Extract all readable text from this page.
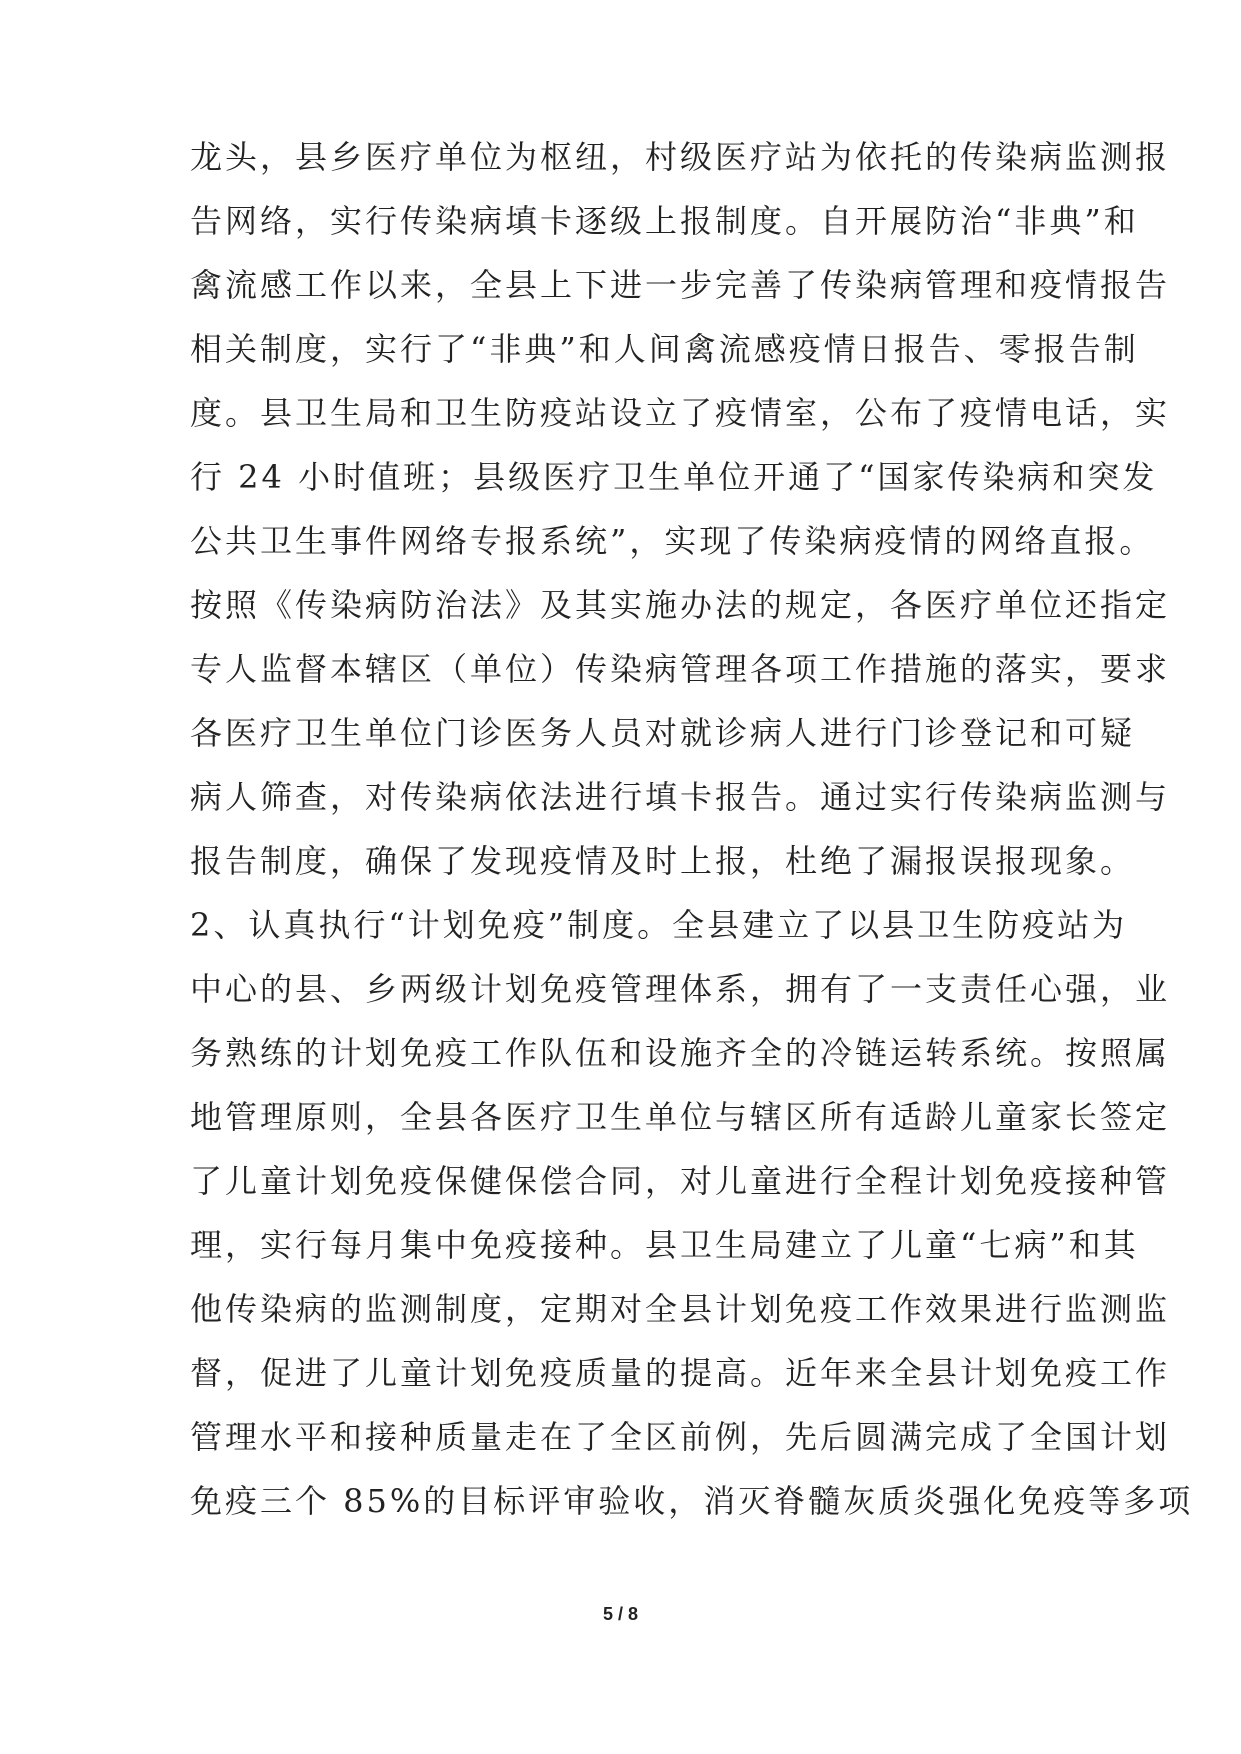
龙头，县乡医疗单位为枢纽，村级医疗站为依托的传染病监测报
告网络，实行传染病填卡逐级上报制度。自开展防治“非典”和
禽流感工作以来，全县上下进一步完善了传染病管理和疫情报告
相关制度，实行了“非典”和人间禽流感疫情日报告、零报告制
度。县卫生局和卫生防疫站设立了疫情室，公布了疫情电话，实
行 24 小时值班；县级医疗卫生单位开通了“国家传染病和突发
公共卫生事件网络专报系统”，实现了传染病疫情的网络直报。
按照《传染病防治法》及其实施办法的规定，各医疗单位还指定
专人监督本辖区（单位）传染病管理各项工作措施的落实，要求
各医疗卫生单位门诊医务人员对就诊病人进行门诊登记和可疑
病人筛查，对传染病依法进行填卡报告。通过实行传染病监测与
报告制度，确保了发现疫情及时上报，杜绝了漏报误报现象。
2、认真执行“计划免疫”制度。全县建立了以县卫生防疫站为
中心的县、乡两级计划免疫管理体系，拥有了一支责任心强，业
务熟练的计划免疫工作队伍和设施齐全的冷链运转系统。按照属
地管理原则，全县各医疗卫生单位与辖区所有适龄儿童家长签定
了儿童计划免疫保健保偿合同，对儿童进行全程计划免疫接种管
理，实行每月集中免疫接种。县卫生局建立了儿童“七病”和其
他传染病的监测制度，定期对全县计划免疫工作效果进行监测监
督，促进了儿童计划免疫质量的提高。近年来全县计划免疫工作
管理水平和接种质量走在了全区前例，先后圆满完成了全国计划
免疫三个 85%的目标评审验收，消灭脊髓灰质炎强化免疫等多项
5 / 8
